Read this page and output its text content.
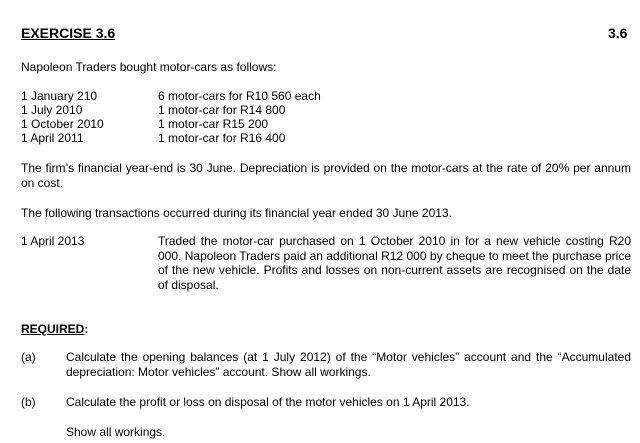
EXERCISE 3.6	3.6
Napoleon Traders bought motor-cars as follows:
1 January 210	6 motor-cars for R10 560 each
1 July 2010	1 motor-car for R14 800
1 October 2010	1 motor-car R15 200
1 April 2011	1 motor-car for R16 400
The firm’s financial year-end is 30 June. Depreciation is provided on the motor-cars at the rate of 20% per annum on cost.
The following transactions occurred during its financial year ended 30 June 2013.
1 April 2013	Traded the motor-car purchased on 1 October 2010 in for a new vehicle costing R20 000. Napoleon Traders paid an additional R12 000 by cheque to meet the purchase price of the new vehicle. Profits and losses on non-current assets are recognised on the date of disposal.
REQUIRED:
(a)	Calculate the opening balances (at 1 July 2012) of the “Motor vehicles” account and the “Accumulated depreciation: Motor vehicles” account. Show all workings.
(b)	Calculate the profit or loss on disposal of the motor vehicles on 1 April 2013.
Show all workings.
